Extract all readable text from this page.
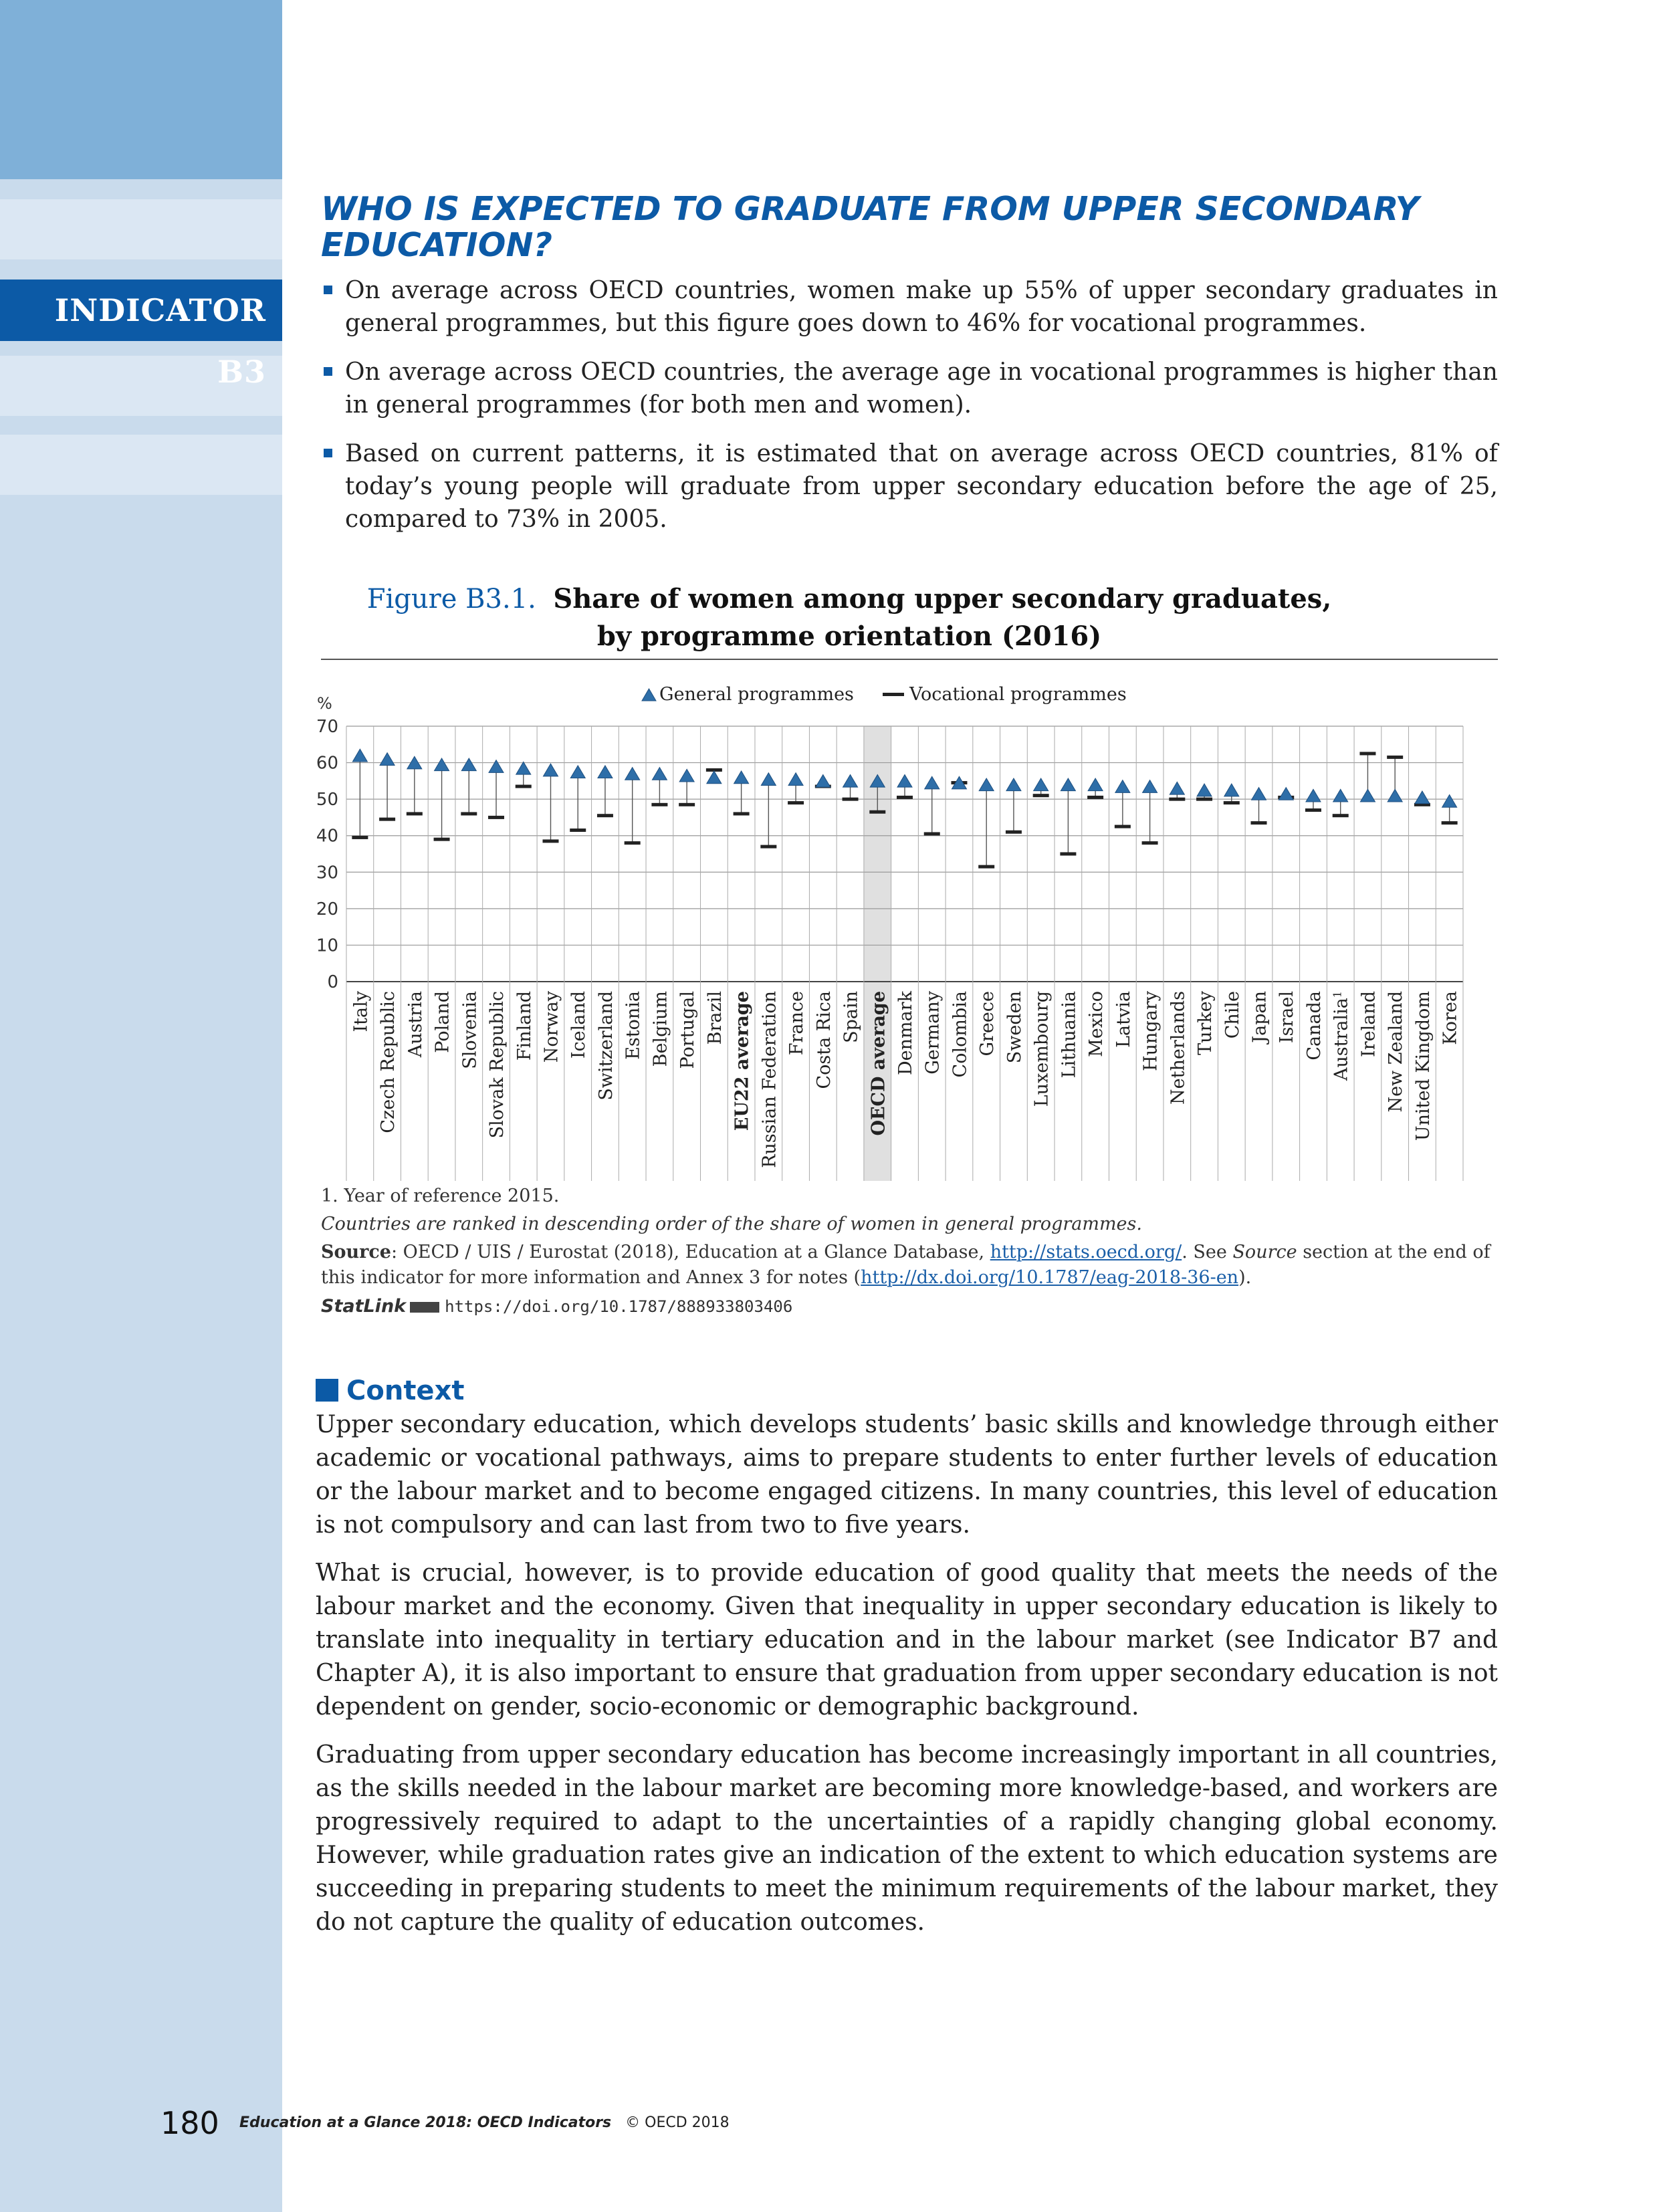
INDICATOR B3
WHO IS EXPECTED TO GRADUATE FROM UPPER SECONDARY EDUCATION?
On average across OECD countries, women make up 55% of upper secondary graduates in general programmes, but this figure goes down to 46% for vocational programmes.
On average across OECD countries, the average age in vocational programmes is higher than in general programmes (for both men and women).
Based on current patterns, it is estimated that on average across OECD countries, 81% of today’s young people will graduate from upper secondary education before the age of 25, compared to 73% in 2005.
Figure B3.1. Share of women among upper secondary graduates,
by programme orientation (2016)
0
10
20
30
40
50
60
70
%	General programmes	Vocational programmes
Italy Czech Republic Austria Poland Slovenia Slovak Republic Finland Norway Iceland Switzerland Estonia Belgium Portugal Brazil EU22 average Russian Federation France Costa Rica Spain OECD average Denmark Germany Colombia Greece Sweden Luxembourg Lithuania Mexico Latvia Hungary Netherlands Turkey Chile Japan Israel Canada Australia$^1$ Ireland New Zealand United Kingdom Korea
1. Year of reference 2015.
Countries are ranked in descending order of the share of women in general programmes.
Source: OECD / UIS / Eurostat (2018), Education at a Glance Database, http://stats.oecd.org/. See Source section at the end of this indicator for more information and Annex 3 for notes (http://dx.doi.org/10.1787/eag-2018-36-en).
StatLink https://doi.org/10.1787/888933803406
Context

Upper secondary education, which develops students’ basic skills and knowledge through either academic or vocational pathways, aims to prepare students to enter further levels of education or the labour market and to become engaged citizens. In many countries, this level of education is not compulsory and can last from two to five years.

What is crucial, however, is to provide education of good quality that meets the needs of the labour market and the economy. Given that inequality in upper secondary education is likely to translate into inequality in tertiary education and in the labour market (see Indicator B7 and Chapter A), it is also important to ensure that graduation from upper secondary education is not dependent on gender, socio-economic or demographic background.

Graduating from upper secondary education has become increasingly important in all countries, as the skills needed in the labour market are becoming more knowledge-based, and workers are progressively required to adapt to the uncertainties of a rapidly changing global economy. However, while graduation rates give an indication of the extent to which education systems are succeeding in preparing students to meet the minimum requirements of the labour market, they do not capture the quality of education outcomes.

180 Education at a Glance 2018: OECD Indicators © OECD 2018
